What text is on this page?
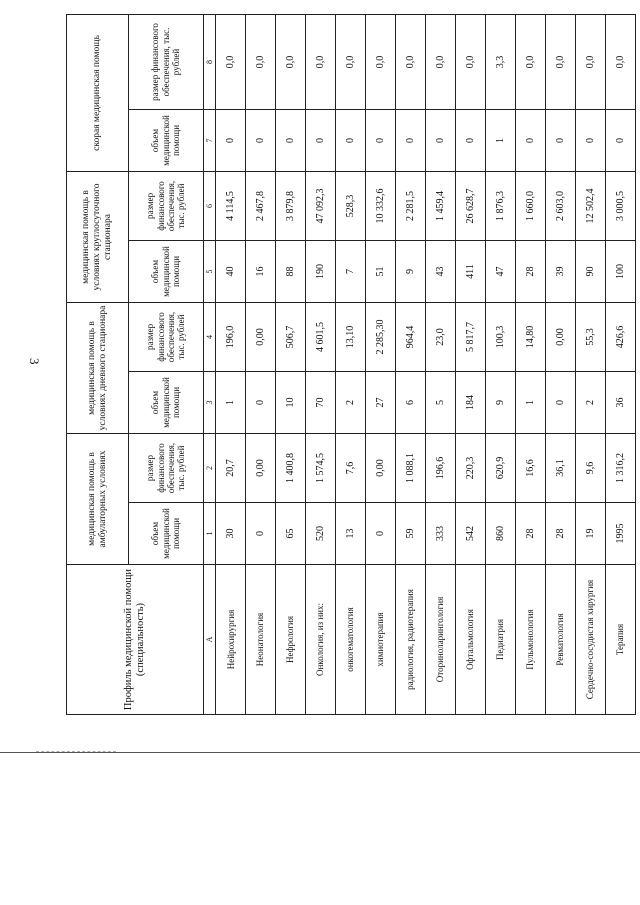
3
Профиль медицинской помощи (специальность)	медицинская помощь в амбулаторных условиях		медицинская помощь в условиях дневного стационара		медицинская помощь в условиях круглосуточного стационара		скорая медицинская помощь	
	объем медицинской помощи	размер финансового обеспечения, тыс. рублей	объем медицинской помощи	размер финансового обеспечения, тыс. рублей	объем медицинской помощи	размер финансового обеспечения, тыс. рублей	объем медицинской помощи	размер финансового обеспечения, тыс. рублей
А	1	2	3	4	5	6	7	8
Нейрохирургия	30	20,7	1	196,0	40	4 114,5	0	0,0
Неонатология	0	0,00	0	0,00	16	2 467,8	0	0,0
Нефрология	65	1 400,8	10	506,7	88	3 879,8	0	0,0
Онкология, из них:	520	1 574,5	70	4 601,5	190	47 092,3	0	0,0
онкогематология	13	7,6	2	13,10	7	528,3	0	0,0
химиотерапия	0	0,00	27	2 285,30	51	10 332,6	0	0,0
радиология, радиотерапия	59	1 088,1	6	964,4	9	2 281,5	0	0,0
Оториноларингология	333	196,6	5	23,0	43	1 459,4	0	0,0
Офтальмология	542	220,3	184	5 817,7	411	26 628,7	0	0,0
Педиатрия	860	620,9	9	100,3	47	1 876,3	1	3,3
Пульмонология	28	16,6	1	14,80	28	1 660,0	0	0,0
Ревматология	28	36,1	0	0,00	39	2 603,0	0	0,0
Сердечно-сосудистая хирургия	19	9,6	2	55,3	90	12 502,4	0	0,0
Терапия	1995	1 316,2	36	426,6	100	3 000,5	0	0,0
